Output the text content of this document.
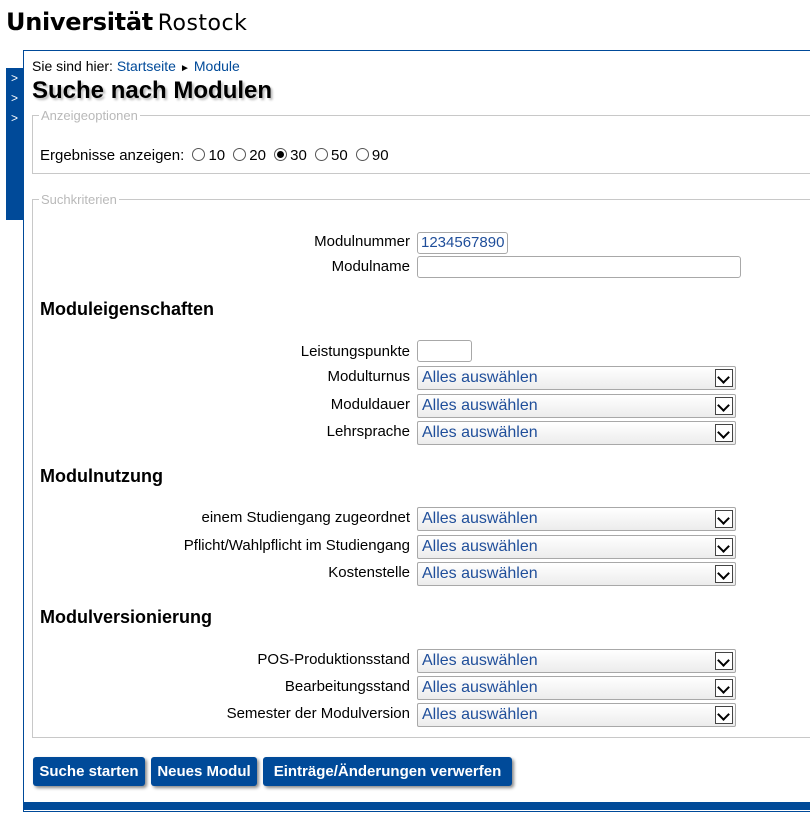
Universität Rostock
>
>
>
Sie sind hier: Startseite ► Module
Suche nach Modulen
Anzeigeoptionen
Ergebnisse anzeigen: 10 20 30 50 90
Suchkriterien
Modulnummer 1234567890
Modulname
Moduleigenschaften
Leistungspunkte
Modulturnus Alles auswählen
Moduldauer Alles auswählen
Lehrsprache Alles auswählen
Modulnutzung
einem Studiengang zugeordnet Alles auswählen
Pflicht/Wahlpflicht im Studiengang Alles auswählen
Kostenstelle Alles auswählen
Modulversionierung
POS-Produktionsstand Alles auswählen
Bearbeitungsstand Alles auswählen
Semester der Modulversion Alles auswählen
Suche starten	Neues Modul	Einträge/Änderungen verwerfen
